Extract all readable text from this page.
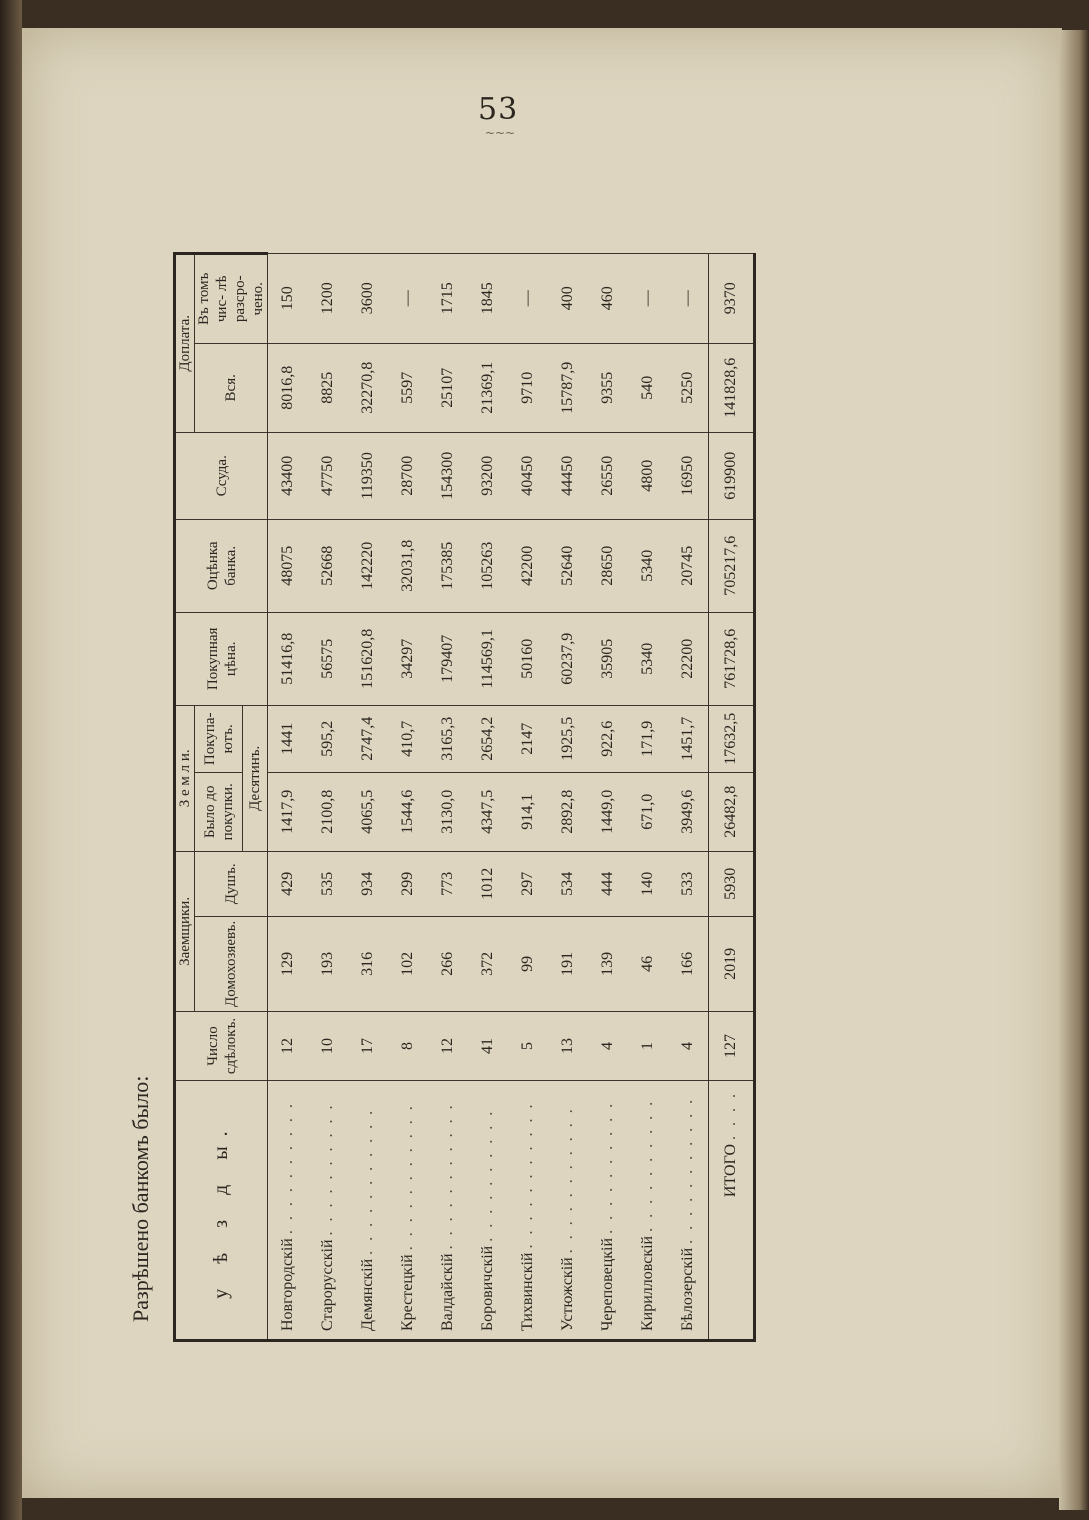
53
~~~
Разрѣшено банкомъ было:	у ѣ з д ы.	Число сдѣлокъ.	Заемщики.		З е м л и.		Покупная цѣна.	Оцѣнка банка.	Ссуда.	Доплата.	
		Домохозяевъ.	Душъ.	Было до покупки.	Покупа- ютъ.				Вся.	Въ томъ чис- лѣ разсро- чено.
				Десятинъ.						
Новгородскій . . . . . . . . . .	12	129	429	1417,9	1441	51416,8	48075	43400	8016,8	150
Старорусскій . . . . . . . . . .	10	193	535	2100,8	595,2	56575	52668	47750	8825	1200
Демянскій . . . . . . . . . . .	17	316	934	4065,5	2747,4	151620,8	142220	119350	32270,8	3600
Крестецкій . . . . . . . . . . .	8	102	299	1544,6	410,7	34297	32031,8	28700	5597	—
Валдайскій . . . . . . . . . . .	12	266	773	3130,0	3165,3	179407	175385	154300	25107	1715
Боровичскій . . . . . . . . . .	41	372	1012	4347,5	2654,2	114569,1	105263	93200	21369,1	1845
Тихвинскій . . . . . . . . . . .	5	99	297	914,1	2147	50160	42200	40450	9710	—
Устюжскій . . . . . . . . . . .	13	191	534	2892,8	1925,5	60237,9	52640	44450	15787,9	400
Череповецкій . . . . . . . . . .	4	139	444	1449,0	922,6	35905	28650	26550	9355	460
Кирилловскій . . . . . . . . . .	1	46	140	671,0	171,9	5340	5340	4800	540	—
Бѣлозерскій . . . . . . . . . . .	4	166	533	3949,6	1451,7	22200	20745	16950	5250	—
ИТОГО . . . .	127	2019	5930	26482,8	17632,5	761728,6	705217,6	619900	141828,6	9370
